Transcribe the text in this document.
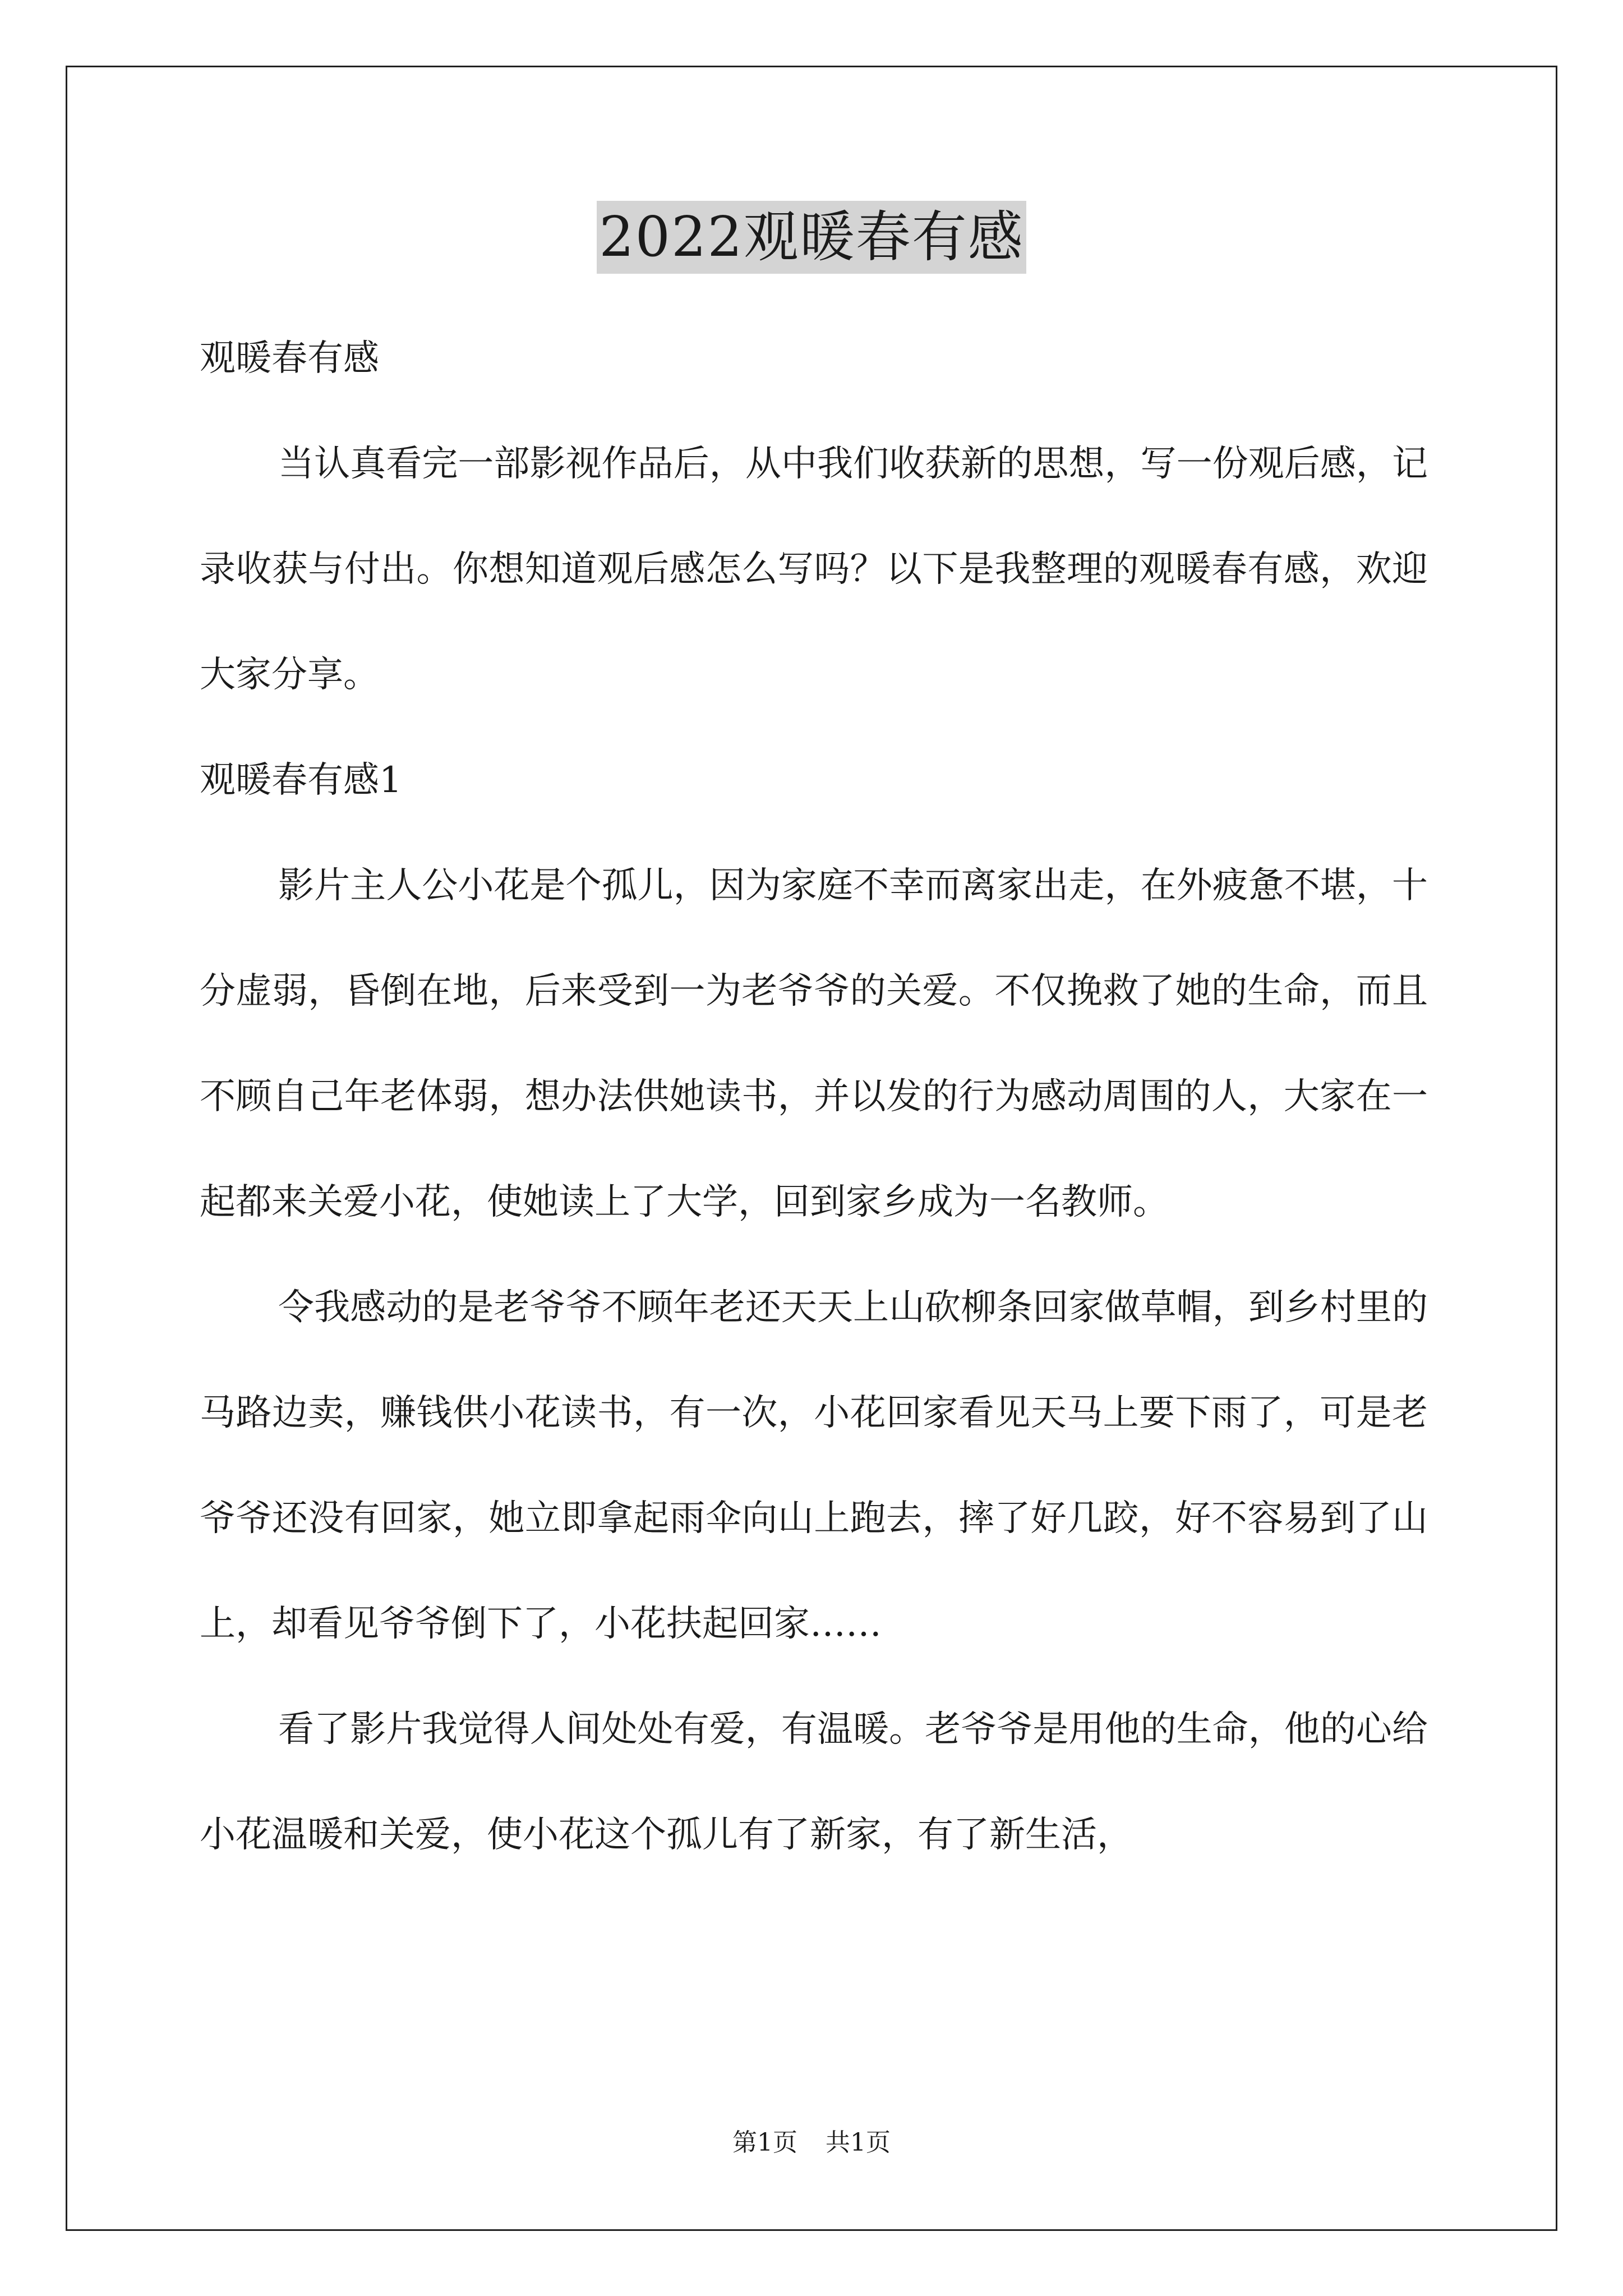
2022观暖春有感

观暖春有感

当认真看完一部影视作品后，从中我们收获新的思想，写一份观后感，记录收获与付出。你想知道观后感怎么写吗？以下是我整理的观暖春有感，欢迎大家分享。

观暖春有感1

影片主人公小花是个孤儿，因为家庭不幸而离家出走，在外疲惫不堪，十分虚弱，昏倒在地，后来受到一为老爷爷的关爱。不仅挽救了她的生命，而且不顾自己年老体弱，想办法供她读书，并以发的行为感动周围的人，大家在一起都来关爱小花，使她读上了大学，回到家乡成为一名教师。

令我感动的是老爷爷不顾年老还天天上山砍柳条回家做草帽，到乡村里的马路边卖，赚钱供小花读书，有一次，小花回家看见天马上要下雨了，可是老爷爷还没有回家，她立即拿起雨伞向山上跑去，摔了好几跤，好不容易到了山上，却看见爷爷倒下了，小花扶起回家……

看了影片我觉得人间处处有爱，有温暖。老爷爷是用他的生命，他的心给小花温暖和关爱，使小花这个孤儿有了新家，有了新生活，

第1页 共1页
